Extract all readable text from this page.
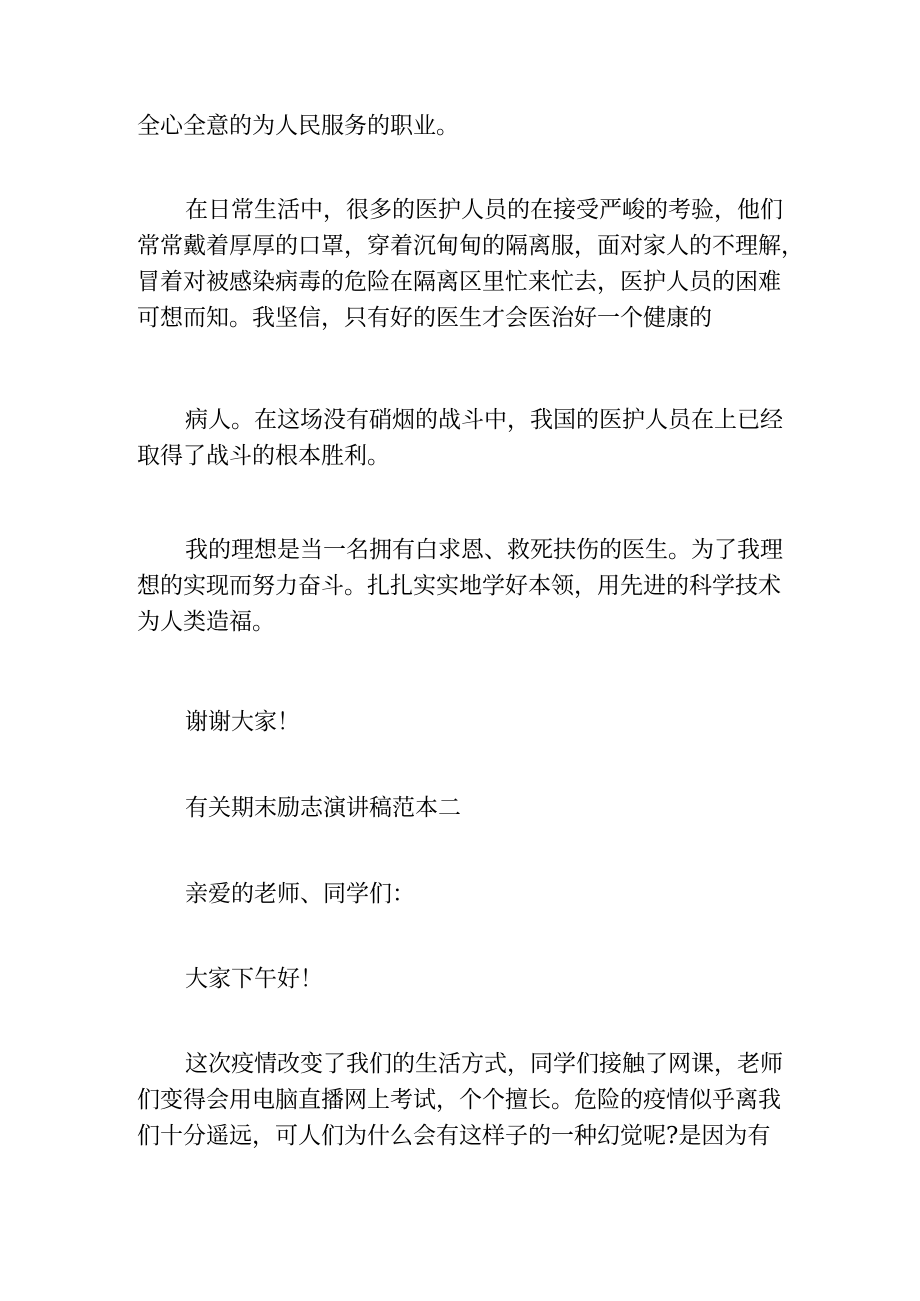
全心全意的为人民服务的职业。
在日常生活中，很多的医护人员的在接受严峻的考验，他们
常常戴着厚厚的口罩，穿着沉甸甸的隔离服，面对家人的不理解，
冒着对被感染病毒的危险在隔离区里忙来忙去，医护人员的困难
可想而知。我坚信，只有好的医生才会医治好一个健康的
病人。在这场没有硝烟的战斗中，我国的医护人员在上已经
取得了战斗的根本胜利。
我的理想是当一名拥有白求恩、救死扶伤的医生。为了我理
想的实现而努力奋斗。扎扎实实地学好本领，用先进的科学技术
为人类造福。
谢谢大家！
有关期末励志演讲稿范本二
亲爱的老师、同学们：
大家下午好！
这次疫情改变了我们的生活方式，同学们接触了网课，老师
们变得会用电脑直播网上考试，个个擅长。危险的疫情似乎离我
们十分遥远，可人们为什么会有这样子的一种幻觉呢?是因为有
